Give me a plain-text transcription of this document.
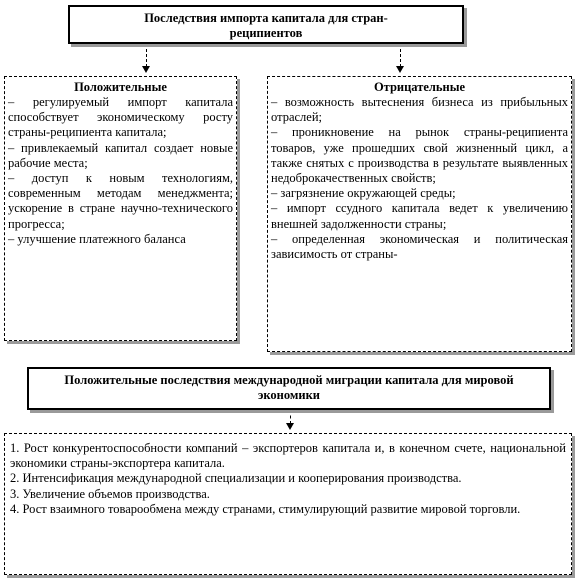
Последствия импорта капитала для стран-реципиентов
Положительные
– регулируемый импорт капитала способствует экономическому росту страны-реципиента капитала;
– привлекаемый капитал создает новые рабочие места;
– доступ к новым технологиям, современным методам менеджмента; ускорение в стране научно-технического прогресса;
– улучшение платежного баланса
Отрицательные
– возможность вытеснения бизнеса из прибыльных отраслей;
– проникновение на рынок страны-реципиента товаров, уже прошедших свой жизненный цикл, а также снятых с производства в результате выявленных недоброкачественных свойств;
– загрязнение окружающей среды;
– импорт ссудного капитала ведет к увеличению внешней задолженности страны;
– определенная экономическая и политическая зависимость от страны-
Положительные последствия международной миграции капитала для мировой экономики
1. Рост конкурентоспособности компаний – экспортеров капитала и, в конечном счете, национальной экономики страны-экспортера капитала.
2. Интенсификация международной специализации и кооперирования производства.
3. Увеличение объемов производства.
4. Рост взаимного товарообмена между странами, стимулирующий развитие мировой торговли.
